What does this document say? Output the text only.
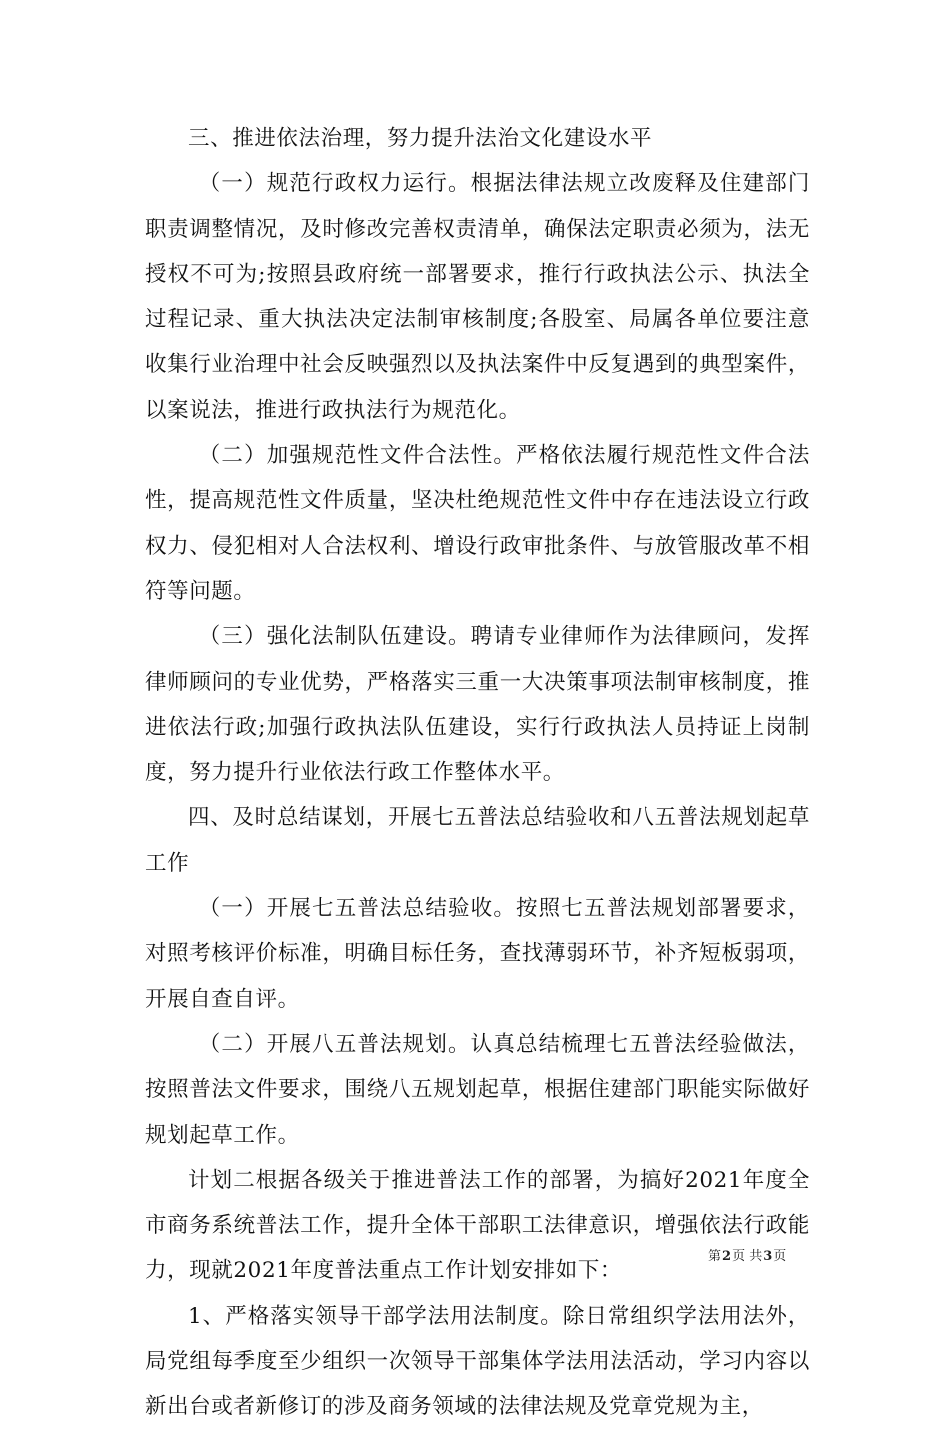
三、推进依法治理，努力提升法治文化建设水平

（一）规范行政权力运行。根据法律法规立改废释及住建部门职责调整情况，及时修改完善权责清单，确保法定职责必须为，法无授权不可为;按照县政府统一部署要求，推行行政执法公示、执法全过程记录、重大执法决定法制审核制度;各股室、局属各单位要注意收集行业治理中社会反映强烈以及执法案件中反复遇到的典型案件，以案说法，推进行政执法行为规范化。

（二）加强规范性文件合法性。严格依法履行规范性文件合法性，提高规范性文件质量，坚决杜绝规范性文件中存在违法设立行政权力、侵犯相对人合法权利、增设行政审批条件、与放管服改革不相符等问题。

（三）强化法制队伍建设。聘请专业律师作为法律顾问，发挥律师顾问的专业优势，严格落实三重一大决策事项法制审核制度，推进依法行政;加强行政执法队伍建设，实行行政执法人员持证上岗制度，努力提升行业依法行政工作整体水平。

四、及时总结谋划，开展七五普法总结验收和八五普法规划起草工作

（一）开展七五普法总结验收。按照七五普法规划部署要求，对照考核评价标准，明确目标任务，查找薄弱环节，补齐短板弱项，开展自查自评。

（二）开展八五普法规划。认真总结梳理七五普法经验做法，按照普法文件要求，围绕八五规划起草，根据住建部门职能实际做好规划起草工作。

计划二根据各级关于推进普法工作的部署，为搞好2021年度全市商务系统普法工作，提升全体干部职工法律意识，增强依法行政能力，现就2021年度普法重点工作计划安排如下：

1、严格落实领导干部学法用法制度。除日常组织学法用法外，局党组每季度至少组织一次领导干部集体学法用法活动，学习内容以新出台或者新修订的涉及商务领域的法律法规及党章党规为主，

第2页 共3页
